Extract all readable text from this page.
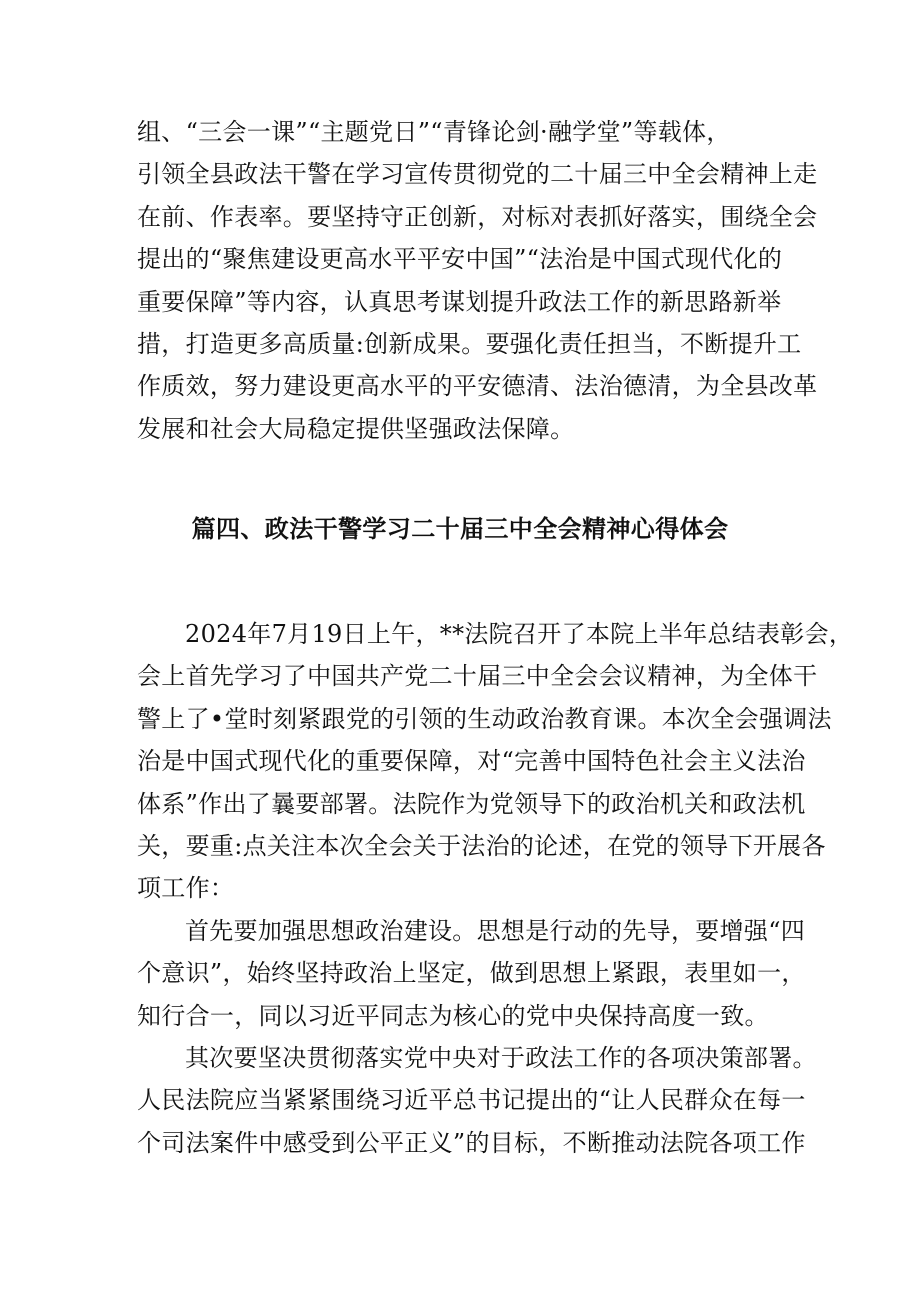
组、“三会一课”“主题党日”“青锋论剑·融学堂”等载体，
引领全县政法干警在学习宣传贯彻党的二十届三中全会精神上走
在前、作表率。要坚持守正创新，对标对表抓好落实，围绕全会
提出的“聚焦建设更高水平平安中国”“法治是中国式现代化的
重要保障”等内容，认真思考谋划提升政法工作的新思路新举
措，打造更多高质量:创新成果。要强化责任担当，不断提升工
作质效，努力建设更高水平的平安德清、法治德清，为全县改革
发展和社会大局稳定提供坚强政法保障。
篇四、政法干警学习二十届三中全会精神心得体会
2024年7月19日上午，**法院召开了本院上半年总结表彰会，
会上首先学习了中国共产党二十届三中全会会议精神，为全体干
警上了•堂时刻紧跟党的引领的生动政治教育课。本次全会强调法
治是中国式现代化的重要保障，对“完善中国特色社会主义法治
体系”作出了曩要部署。法院作为党领导下的政治机关和政法机
关，要重:点关注本次全会关于法治的论述，在党的领导下开展各
项工作：
首先要加强思想政治建设。思想是行动的先导，要增强“四
个意识”，始终坚持政治上坚定，做到思想上紧跟，表里如一，
知行合一，同以习近平同志为核心的党中央保持高度一致。
其次要坚决贯彻落实党中央对于政法工作的各项决策部署。
人民法院应当紧紧围绕习近平总书记提出的“让人民群众在每一
个司法案件中感受到公平正义”的目标，不断推动法院各项工作
